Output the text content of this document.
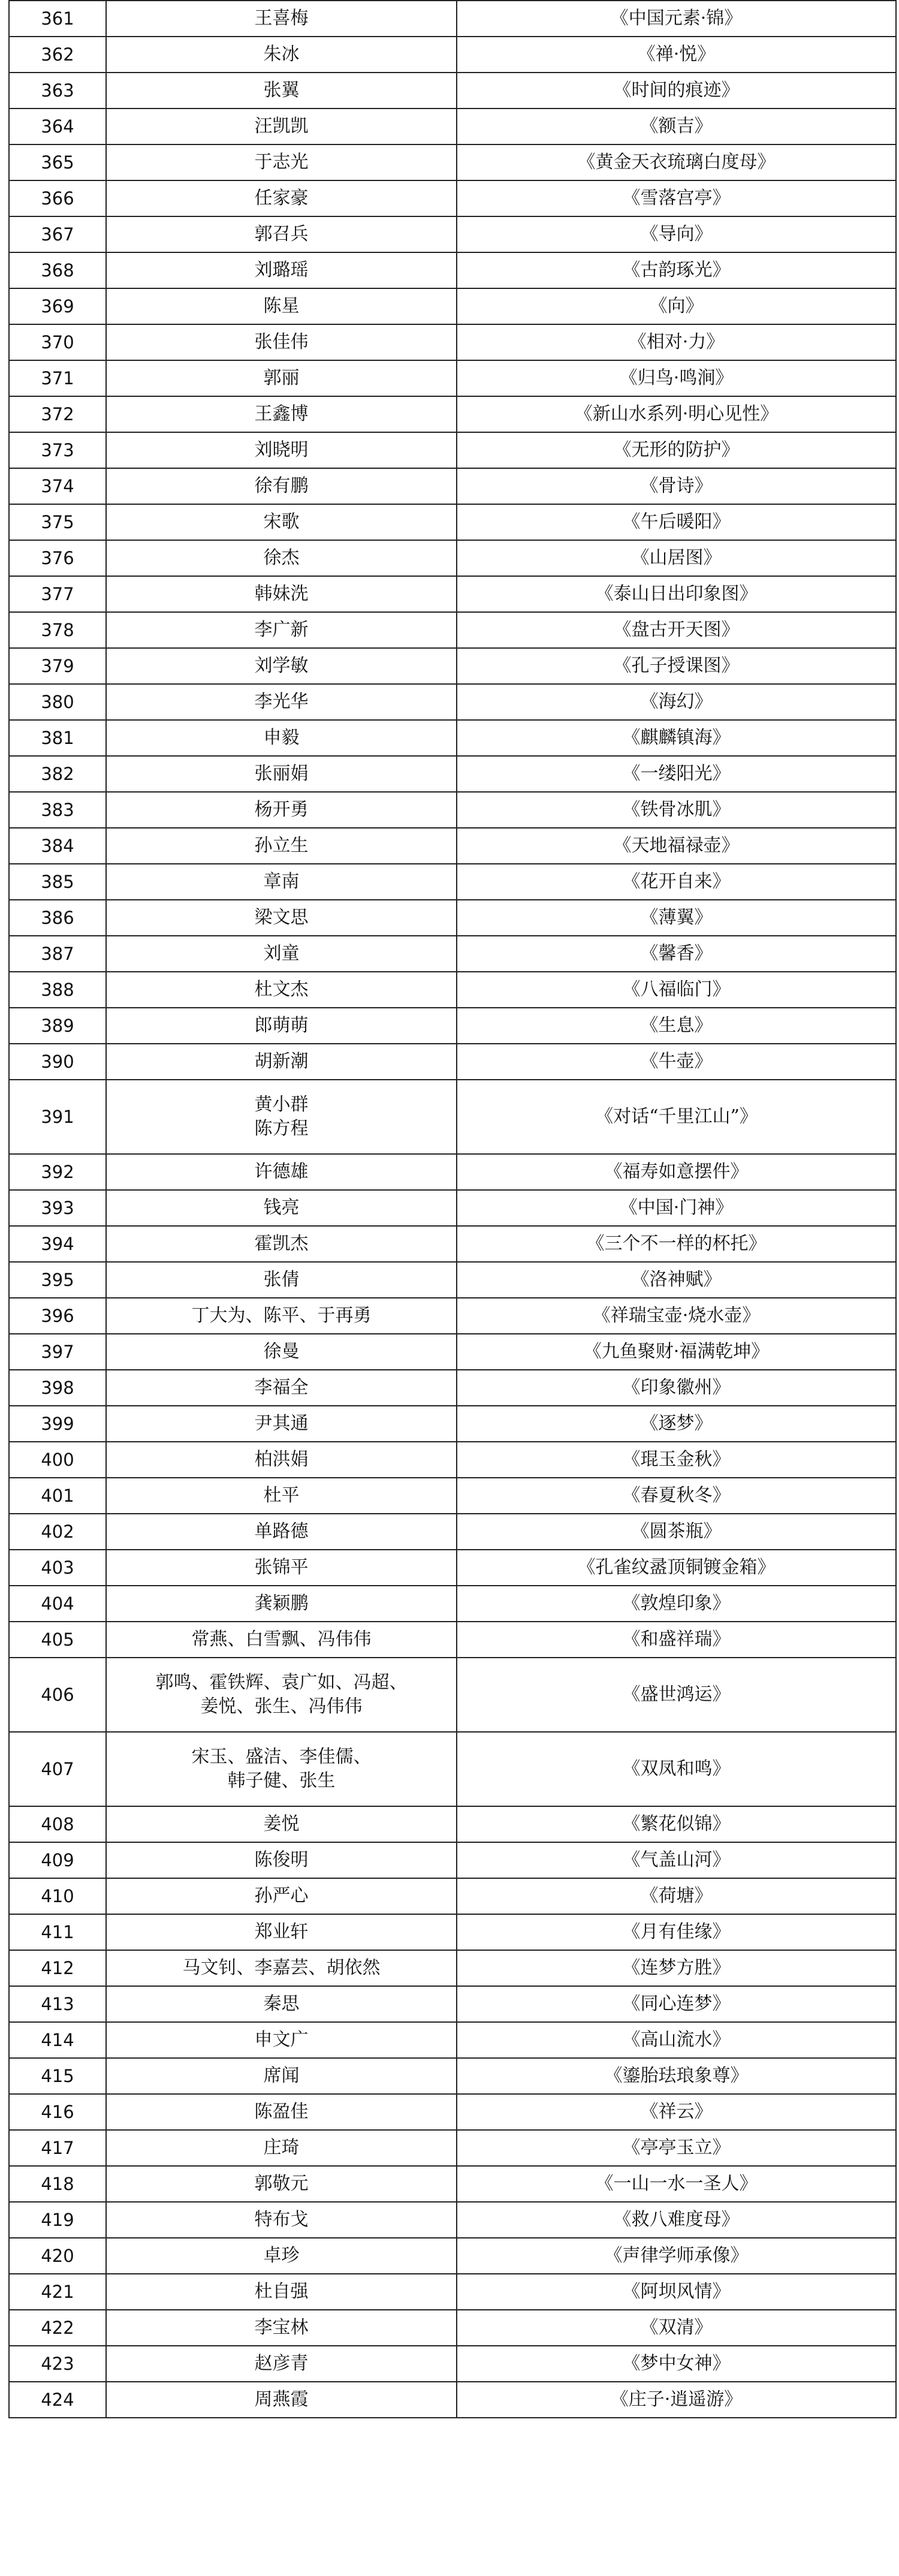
361	王喜梅	《中国元素·锦》
362	朱冰	《禅·悦》
363	张翼	《时间的痕迹》
364	汪凯凯	《额吉》
365	于志光	《黄金天衣琉璃白度母》
366	任家豪	《雪落宫亭》
367	郭召兵	《导向》
368	刘璐瑶	《古韵琢光》
369	陈星	《向》
370	张佳伟	《相对·力》
371	郭丽	《归鸟·鸣涧》
372	王鑫博	《新山水系列·明心见性》
373	刘晓明	《无形的防护》
374	徐有鹏	《骨诗》
375	宋歌	《午后暖阳》
376	徐杰	《山居图》
377	韩妹洗	《泰山日出印象图》
378	李广新	《盘古开天图》
379	刘学敏	《孔子授课图》
380	李光华	《海幻》
381	申毅	《麒麟镇海》
382	张丽娟	《一缕阳光》
383	杨开勇	《铁骨冰肌》
384	孙立生	《天地福禄壶》
385	章南	《花开自来》
386	梁文思	《薄翼》
387	刘童	《馨香》
388	杜文杰	《八福临门》
389	郎萌萌	《生息》
390	胡新潮	《牛壶》
391	黄小群
陈方程	《对话“千里江山”》
392	许德雄	《福寿如意摆件》
393	钱亮	《中国·门神》
394	霍凯杰	《三个不一样的杯托》
395	张倩	《洛神赋》
396	丁大为、陈平、于再勇	《祥瑞宝壶·烧水壶》
397	徐曼	《九鱼聚财·福满乾坤》
398	李福全	《印象徽州》
399	尹其通	《逐梦》
400	柏洪娟	《琨玉金秋》
401	杜平	《春夏秋冬》
402	单路德	《圆茶瓶》
403	张锦平	《孔雀纹盝顶铜镀金箱》
404	龚颖鹏	《敦煌印象》
405	常燕、白雪飘、冯伟伟	《和盛祥瑞》
406	郭鸣、霍铁辉、袁广如、冯超、
姜悦、张生、冯伟伟	《盛世鸿运》
407	宋玉、盛洁、李佳儒、
韩子健、张生	《双凤和鸣》
408	姜悦	《繁花似锦》
409	陈俊明	《气盖山河》
410	孙严心	《荷塘》
411	郑业轩	《月有佳缘》
412	马文钊、李嘉芸、胡依然	《连梦方胜》
413	秦思	《同心连梦》
414	申文广	《高山流水》
415	席闻	《鎏胎珐琅象尊》
416	陈盈佳	《祥云》
417	庄琦	《亭亭玉立》
418	郭敬元	《一山一水一圣人》
419	特布戈	《救八难度母》
420	卓珍	《声律学师承像》
421	杜自强	《阿坝风情》
422	李宝林	《双清》
423	赵彦青	《梦中女神》
424	周燕霞	《庄子·逍遥游》
